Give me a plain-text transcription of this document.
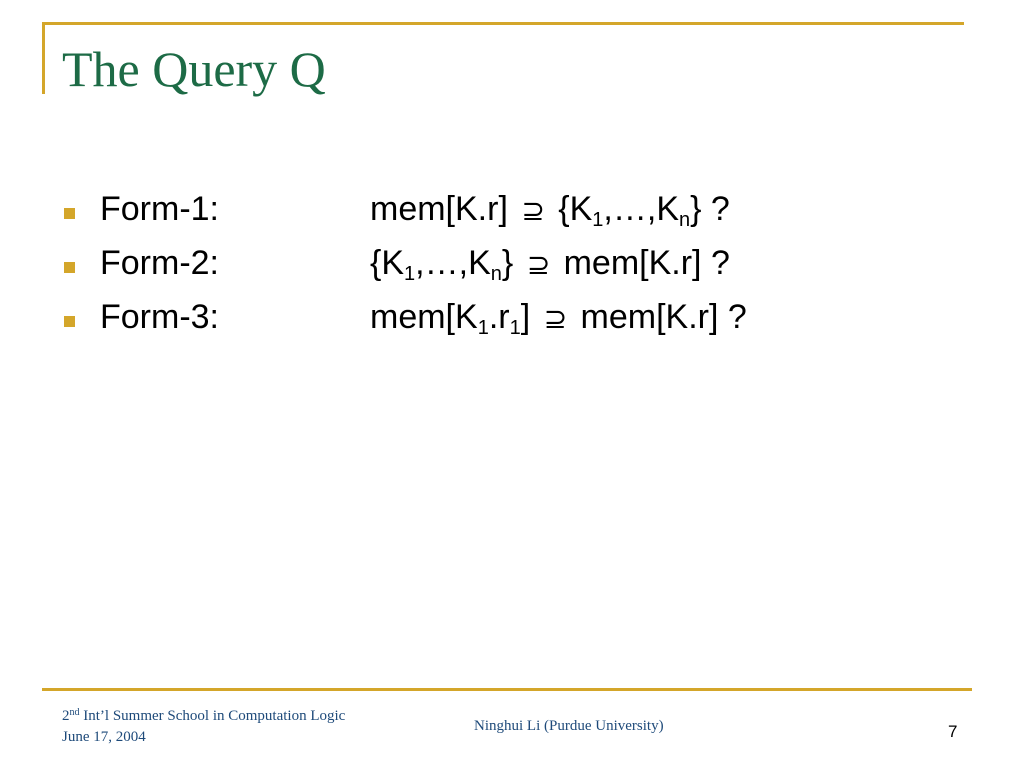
The Query Q
Form-1:	mem[K.r] ⊇ $\{K_1,\dots,K_n\}$ ?
Form-2:	$\{K_1,\dots,K_n\}$ ⊇ mem[K.r] ?
Form-3:	$mem[K_1.r_1]$ ⊇ mem[K.r] ?
2nd Int’l Summer School in Computation Logic
June 17, 2004
Ninghui Li (Purdue University)	7
